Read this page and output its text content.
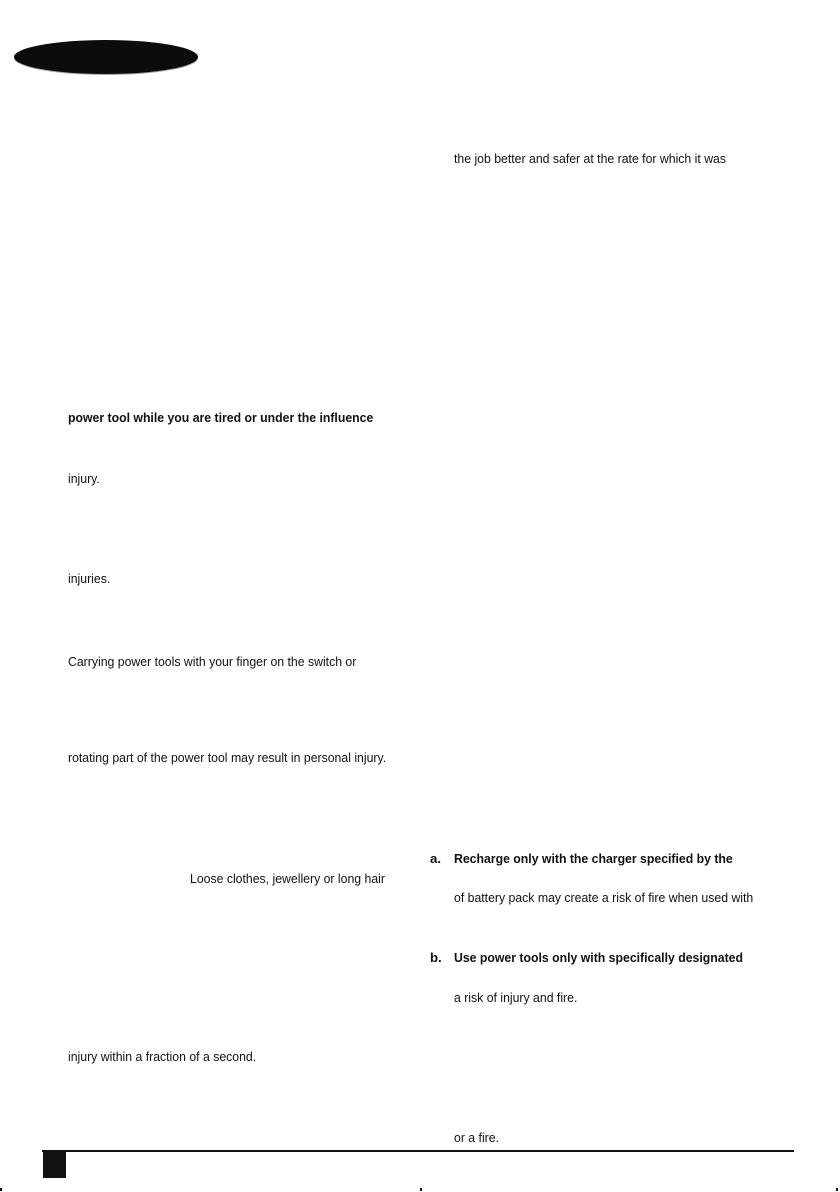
power tool while you are tired or under the influence
injury.
injuries.
Carrying power tools with your finger on the switch or
rotating part of the power tool may result in personal injury.
Loose clothes, jewellery or long hair
injury within a fraction of a second.
the job better and safer at the rate for which it was
a. Recharge only with the charger specified by the
of battery pack may create a risk of fire when used with
b. Use power tools only with specifically designated
a risk of injury and fire.
or a fire.
